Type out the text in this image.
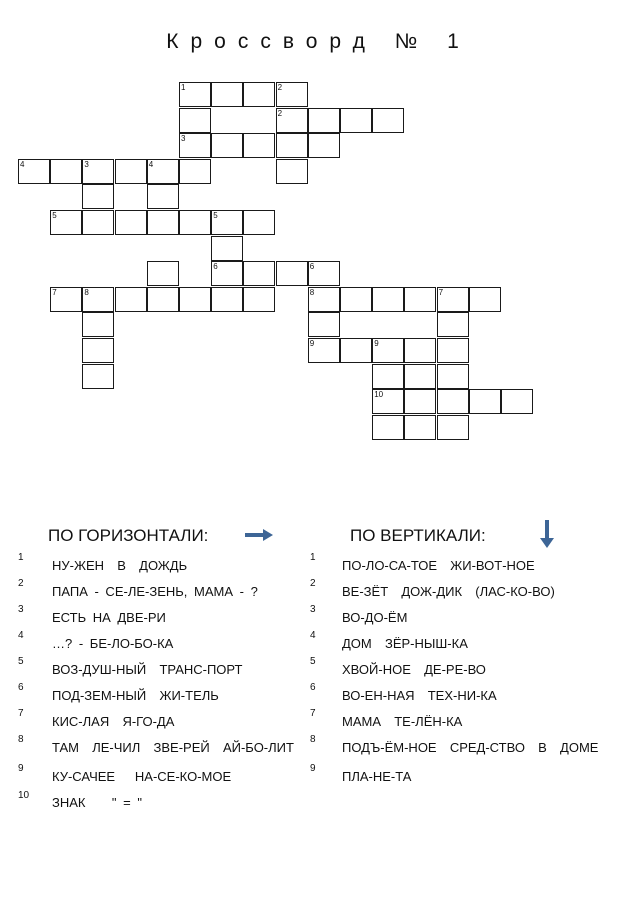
Кроссворд № 1
1	2
2
3
4	3	4
5	5
6	6
7	8	8	7
9	9
10
ПО ГОРИЗОНТАЛИ:	ПО ВЕРТИКАЛИ:
1
НУ-ЖЕН  В  ДОЖДЬ
2
ПАПА - СЕ-ЛЕ-ЗЕНЬ, МАМА - ?
3
ЕСТЬ НА ДВЕ-РИ
4
…? - БЕ-ЛО-БО-КА
5
ВОЗ-ДУШ-НЫЙ  ТРАНС-ПОРТ
6
ПОД-ЗЕМ-НЫЙ  ЖИ-ТЕЛЬ
7
КИС-ЛАЯ  Я-ГО-ДА
8
ТАМ  ЛЕ-ЧИЛ  ЗВЕ-РЕЙ  АЙ-БО-ЛИТ
9
КУ-САЧЕЕ   НА-СЕ-КО-МОЕ
10 ЗНАК    " = "
1
ПО-ЛО-СА-ТОЕ  ЖИ-ВОТ-НОЕ
2
ВЕ-ЗЁТ  ДОЖ-ДИК  (ЛАС-КО-ВО)
3
ВО-ДО-ЁМ
4
ДОМ  ЗЁР-НЫШ-КА
5
ХВОЙ-НОЕ  ДЕ-РЕ-ВО
6
ВО-ЕН-НАЯ  ТЕХ-НИ-КА
7
МАМА  ТЕ-ЛЁН-КА
8
ПОДЪ-ЁМ-НОЕ  СРЕД-СТВО  В  ДОМЕ
9
ПЛА-НЕ-ТА
